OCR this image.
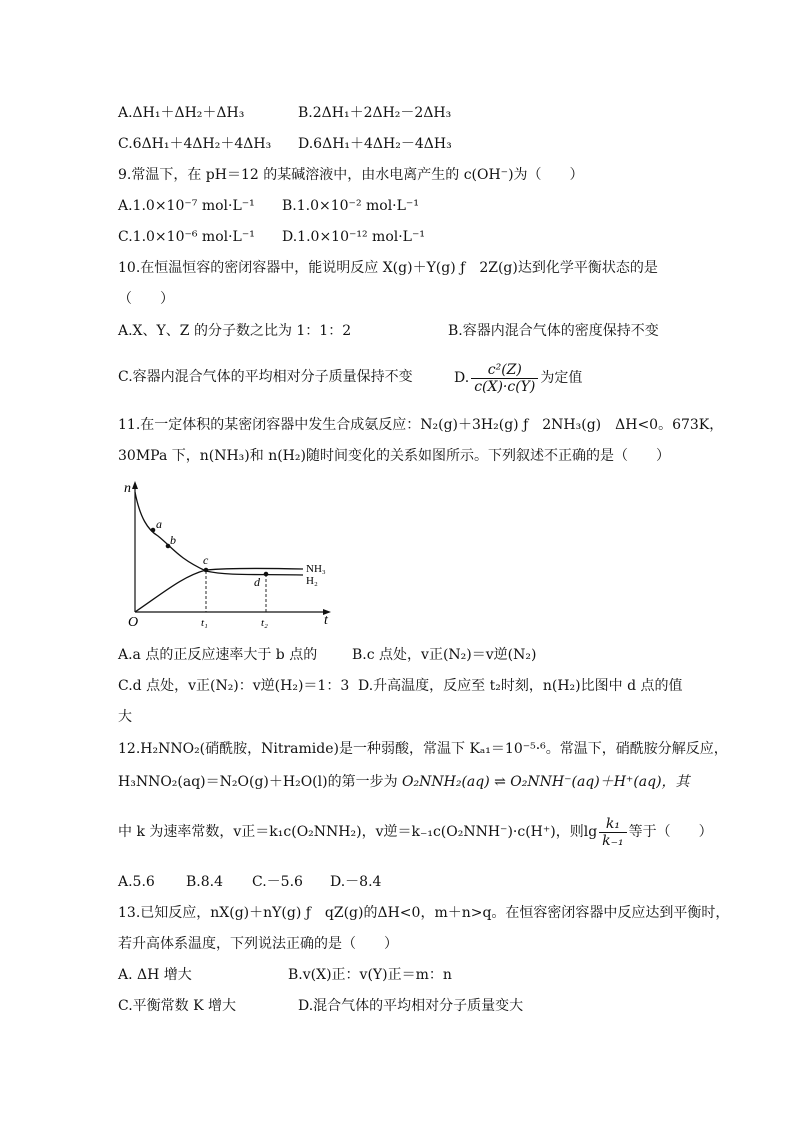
A.ΔH₁＋ΔH₂＋ΔH₃	B.2ΔH₁＋2ΔH₂－2ΔH₃
C.6ΔH₁＋4ΔH₂＋4ΔH₃ D.6ΔH₁＋4ΔH₂－4ΔH₃
9.常温下，在 pH＝12 的某碱溶液中，由水电离产生的 c(OH⁻)为（　　）
A.1.0×10⁻⁷ mol·L⁻¹ B.1.0×10⁻² mol·L⁻¹
C.1.0×10⁻⁶ mol·L⁻¹ D.1.0×10⁻¹² mol·L⁻¹
10.在恒温恒容的密闭容器中，能说明反应 X(g)＋Y(g) ƒ　2Z(g)达到化学平衡状态的是
（　　）
A.X、Y、Z 的分子数之比为 1：1：2	B.容器内混合气体的密度保持不变
C.容器内混合气体的平均相对分子质量保持不变	D. $\frac{\text{c²(Z)}}{c(X)\cdot c(Y)}$ 为定值
11.在一定体积的某密闭容器中发生合成氨反应：N₂(g)＋3H₂(g) ƒ　2NH₃(g)　ΔH<0。673K，
30MPa 下，n(NH₃)和 n(H₂)随时间变化的关系如图所示。下列叙述不正确的是（　　）
n
t
O
a
b
c
d
NH₃
H₂
t₁	t₂
A.a 点的正反应速率大于 b 点的 B.c 点处，v正(N₂)＝v逆(N₂)
C.d 点处，v正(N₂)：v逆(H₂)＝1：3 D.升高温度，反应至 t₂时刻，n(H₂)比图中 d 点的值
大
12.H₂NNO₂(硝酰胺，Nitramide)是一种弱酸，常温下 Kₐ₁＝10⁻⁵·⁶。常温下，硝酰胺分解反应，
H₃NNO₂(aq)＝N₂O(g)＋H₂O(l)的第一步为 O₂NNH₂(aq) ⇌ O₂NNH⁻(aq)＋H⁺(aq)，其
中 k 为速率常数，v正＝k₁c(O₂NNH₂)，v逆＝k₋₁c(O₂NNH⁻)·c(H⁺)，则$\lg \frac{\text{k₁}}{\text{k₋₁}}$ 等于（　　）
A.5.6 B.8.4 C.－5.6 D.－8.4
13.已知反应，nX(g)＋nY(g) ƒ　qZ(g)的ΔH<0，m＋n>q。在恒容密闭容器中反应达到平衡时，
若升高体系温度，下列说法正确的是（　　）
A. ΔH 增大	B.v(X)正：v(Y)正＝m：n
C.平衡常数 K 增大	D.混合气体的平均相对分子质量变大
